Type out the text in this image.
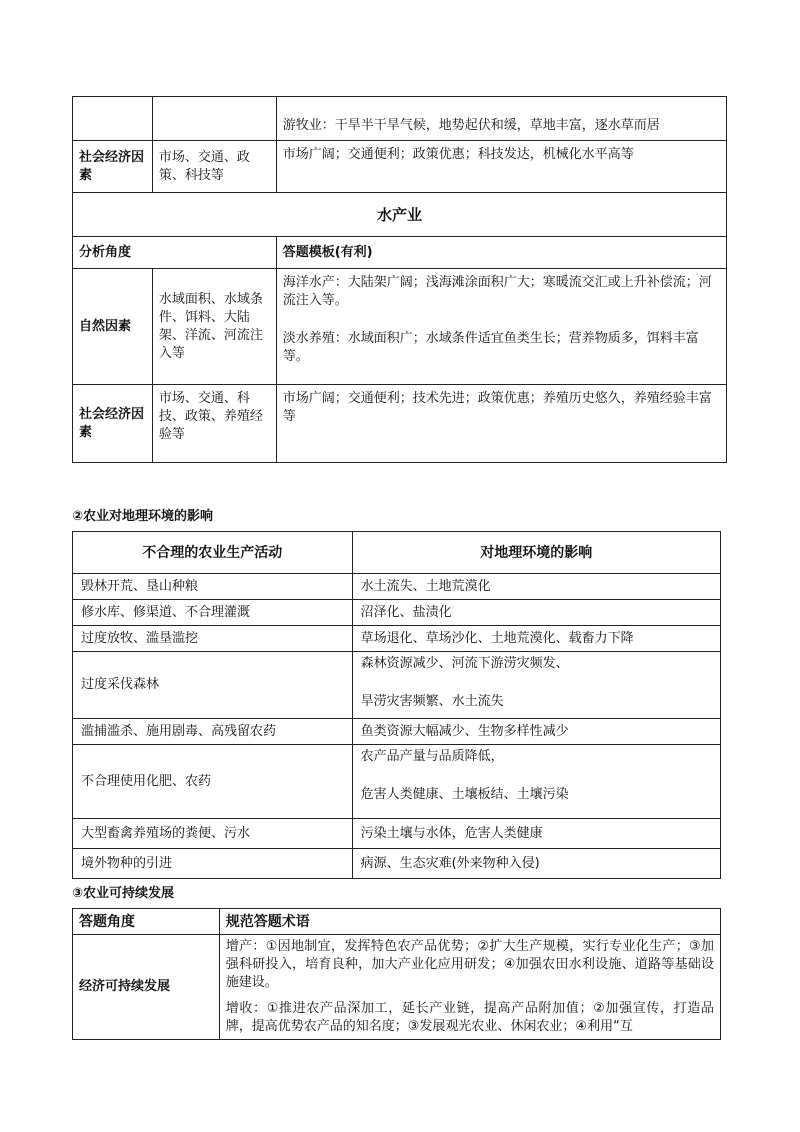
		游牧业：干旱半干旱气候，地势起伏和缓，草地丰富，逐水草而居
社会经济因素	市场、交通、政策、科技等	市场广阔；交通便利；政策优惠；科技发达，机械化水平高等
水产业		
分析角度		答题模板(有利)
自然因素	水域面积、水域条件、饵料、大陆架、洋流、河流注入等	海洋水产：大陆架广阔；浅海滩涂面积广大；寒暖流交汇或上升补偿流；河流注入等。
淡水养殖：水域面积广；水域条件适宜鱼类生长；营养物质多，饵料丰富等。

社会经济因素	市场、交通、科技、政策、养殖经验等	市场广阔；交通便利；技术先进；政策优惠；养殖历史悠久，养殖经验丰富等
②农业对地理环境的影响
不合理的农业生产活动	对地理环境的影响
毁林开荒、垦山种粮	水土流失、土地荒漠化
修水库、修渠道、不合理灌溉	沼泽化、盐渍化
过度放牧、滥垦滥挖	草场退化、草场沙化、土地荒漠化、载畜力下降
过度采伐森林	森林资源减少、河流下游涝灾频发、
旱涝灾害频繁、水土流失

滥捕滥杀、施用剧毒、高残留农药	鱼类资源大幅减少、生物多样性减少
不合理使用化肥、农药	农产品产量与品质降低，
危害人类健康、土壤板结、土壤污染

大型畜禽养殖场的粪便、污水	污染土壤与水体，危害人类健康
境外物种的引进	病源、生态灾难(外来物种入侵)
③农业可持续发展
答题角度	规范答题术语
经济可持续发展	增产：①因地制宜，发挥特色农产品优势；②扩大生产规模，实行专业化生产；③加强科研投入，培育良种，加大产业化应用研发；④加强农田水利设施、道路等基础设施建设。
增收：①推进农产品深加工，延长产业链，提高产品附加值；②加强宣传，打造品牌，提高优势农产品的知名度；③发展观光农业、休闲农业；④利用“互
